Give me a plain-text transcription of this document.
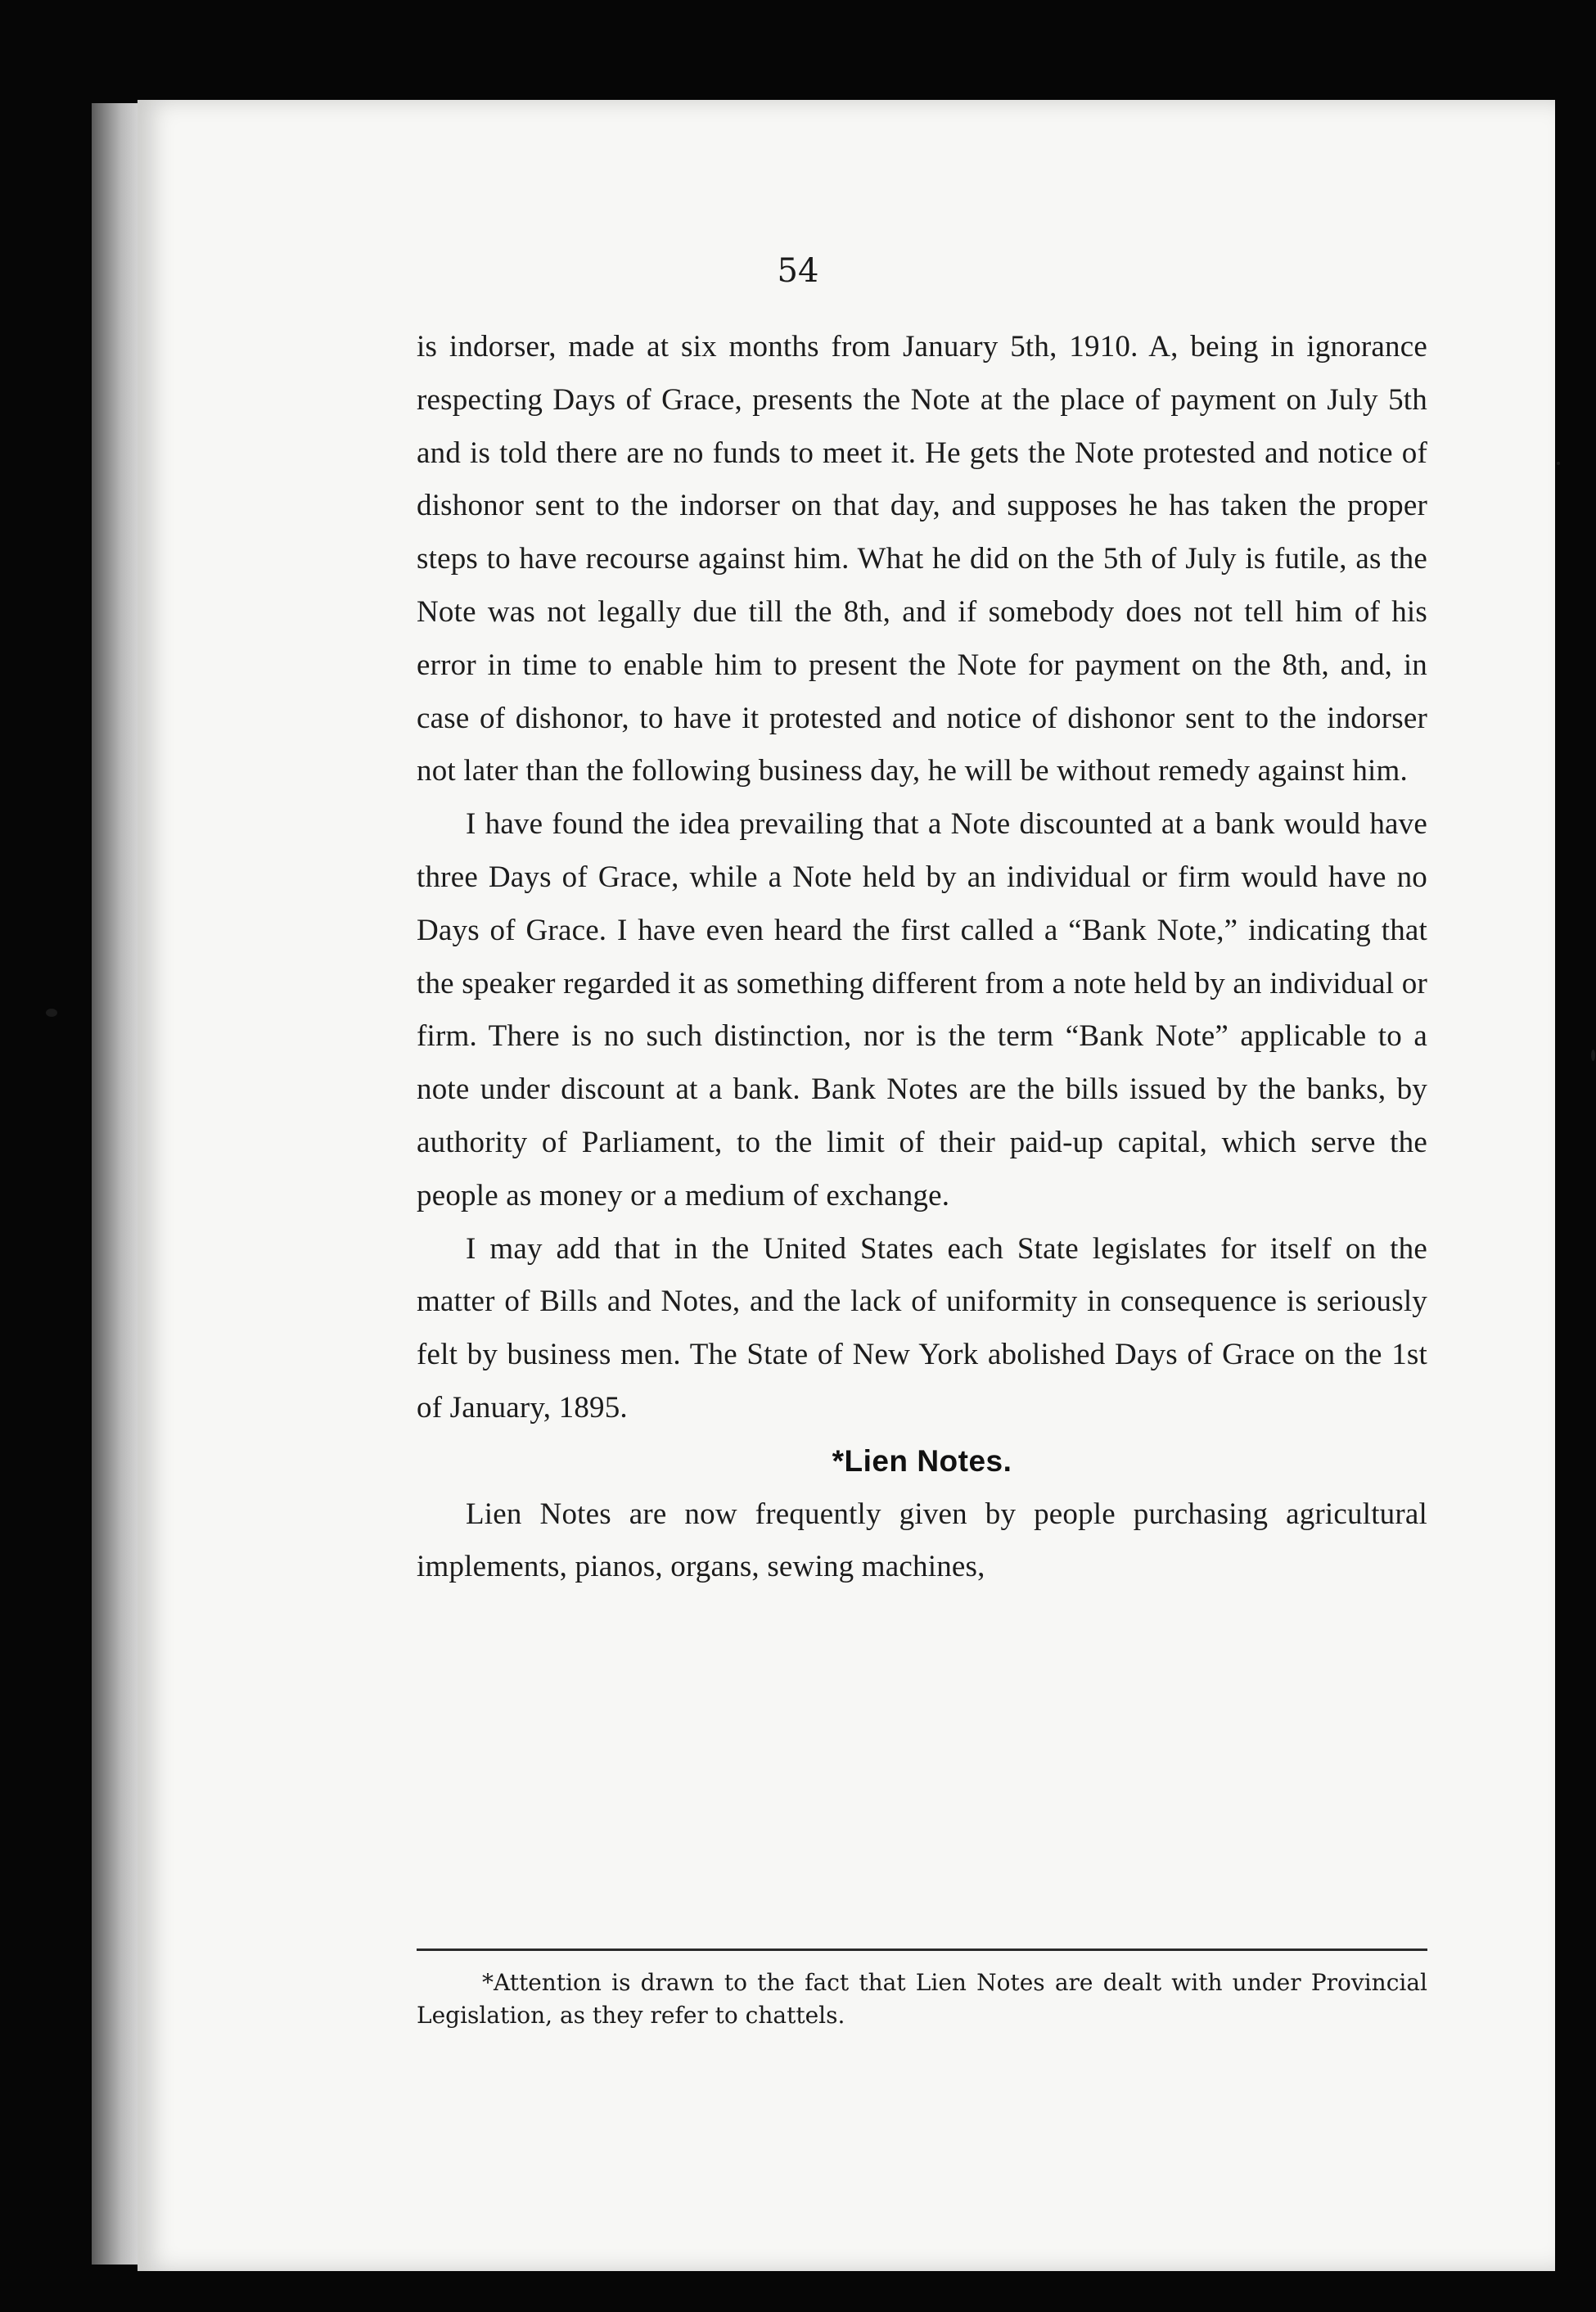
54

is indorser, made at six months from January 5th, 1910. A, being in ignorance respecting Days of Grace, presents the Note at the place of payment on July 5th and is told there are no funds to meet it. He gets the Note protested and notice of dishonor sent to the indorser on that day, and supposes he has taken the proper steps to have recourse against him. What he did on the 5th of July is futile, as the Note was not legally due till the 8th, and if somebody does not tell him of his error in time to enable him to present the Note for payment on the 8th, and, in case of dishonor, to have it protested and notice of dishonor sent to the indorser not later than the following business day, he will be without remedy against him.

I have found the idea prevailing that a Note discounted at a bank would have three Days of Grace, while a Note held by an individual or firm would have no Days of Grace. I have even heard the first called a “Bank Note,” indicating that the speaker regarded it as something different from a note held by an individual or firm. There is no such distinction, nor is the term “Bank Note” applicable to a note under discount at a bank. Bank Notes are the bills issued by the banks, by authority of Parliament, to the limit of their paid-up capital, which serve the people as money or a medium of exchange.

I may add that in the United States each State legislates for itself on the matter of Bills and Notes, and the lack of uniformity in consequence is seriously felt by business men. The State of New York abolished Days of Grace on the 1st of January, 1895.

*Lien Notes.

Lien Notes are now frequently given by people purchasing agricultural implements, pianos, organs, sewing machines,

*Attention is drawn to the fact that Lien Notes are dealt with under Provincial Legislation, as they refer to chattels.
